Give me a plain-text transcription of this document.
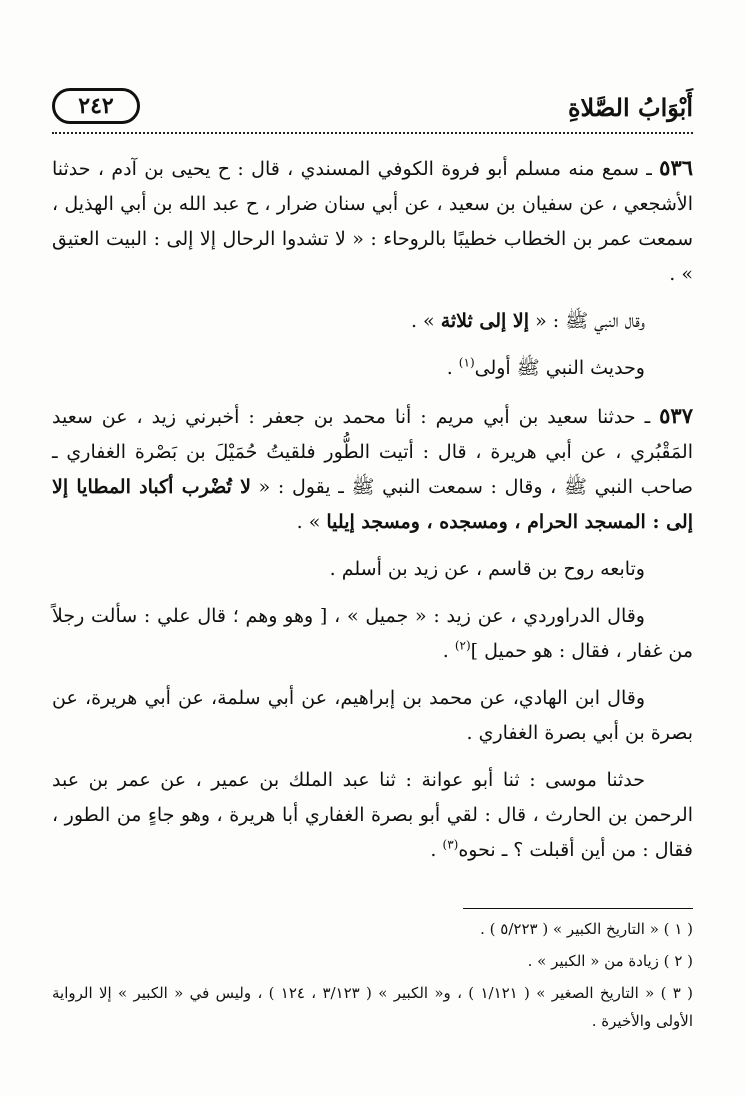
أَبْوَابُ الصَّلاةِ
٢٤٢

٥٣٦ ـ سمع منه مسلم أبو فروة الكوفي المسندي ، قال : ح يحيى بن آدم ، حدثنا الأشجعي ، عن سفيان بن سعيد ، عن أبي سنان ضرار ، ح عبد الله بن أبي الهذيل ، سمعت عمر بن الخطاب خطيبًا بالروحاء : « لا تشدوا الرحال إلا إلى : البيت العتيق » .

وقال النبي ﷺ : « إلا إلى ثلاثة » .

وحديث النبي ﷺ أولى$^{(١)}$ .

٥٣٧ ـ حدثنا سعيد بن أبي مريم : أنا محمد بن جعفر : أخبرني زيد ، عن سعيد المَقْبُري ، عن أبي هريرة ، قال : أتيت الطُّور فلقيتُ حُمَيْلَ بن بَصْرة الغفاري ـ صاحب النبي ﷺ ، وقال : سمعت النبي ﷺ ـ يقول : « لا تُضْرب أكباد المطايا إلا إلى : المسجد الحرام ، ومسجده ، ومسجد إيليا » .

وتابعه روح بن قاسم ، عن زيد بن أسلم .

وقال الدراوردي ، عن زيد : « جميل » ، [ وهو وهم ؛ قال علي : سألت رجلاً من غفار ، فقال : هو حميل ]$^{(٢)}$ .

وقال ابن الهادي، عن محمد بن إبراهيم، عن أبي سلمة، عن أبي هريرة، عن بصرة بن أبي بصرة الغفاري .

حدثنا موسى : ثنا أبو عوانة : ثنا عبد الملك بن عمير ، عن عمر بن عبد الرحمن بن الحارث ، قال : لقي أبو بصرة الغفاري أبا هريرة ، وهو جاءٍ من الطور ، فقال : من أين أقبلت ؟ ـ نحوه$^{(٣)}$ .

( ١ ) « التاريخ الكبير » ( ٥/٢٢٣ ) .

( ٢ ) زيادة من « الكبير » .

( ٣ ) « التاريخ الصغير » ( ١/١٢١ ) ، و« الكبير » ( ٣/١٢٣ ، ١٢٤ ) ، وليس في « الكبير » إلا الرواية الأولى والأخيرة .
